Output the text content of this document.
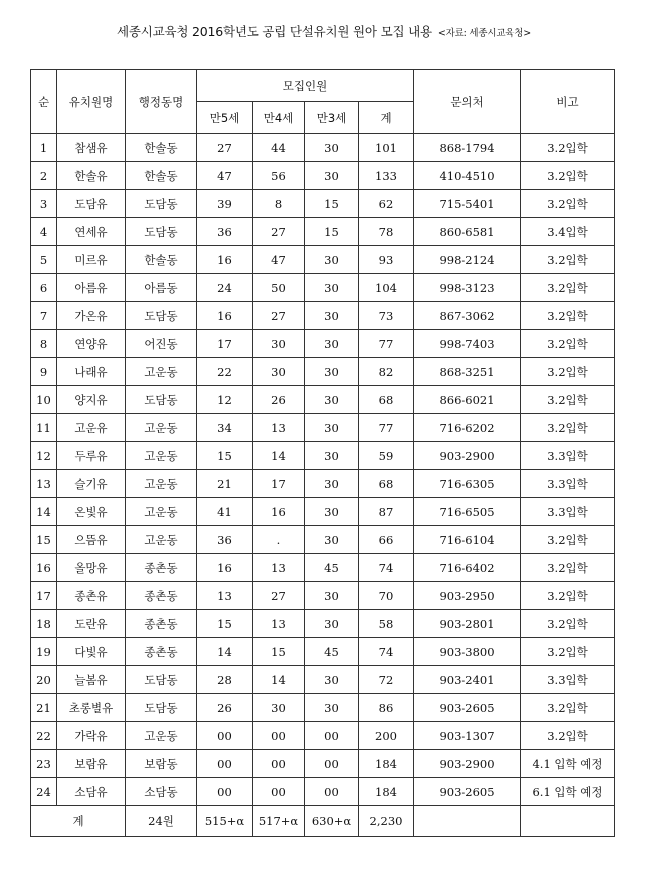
세종시교육청 2016학년도 공립 단설유치원 원아 모집 내용 <자료: 세종시교육청>
순	유치원명	행정동명	모집인원				문의처	비고
			만5세	만4세	만3세	계		
1	참샘유	한솔동	27	44	30	101	868-1794	3.2입학
2	한솔유	한솔동	47	56	30	133	410-4510	3.2입학
3	도담유	도담동	39	8	15	62	715-5401	3.2입학
4	연세유	도담동	36	27	15	78	860-6581	3.4입학
5	미르유	한솔동	16	47	30	93	998-2124	3.2입학
6	아름유	아름동	24	50	30	104	998-3123	3.2입학
7	가온유	도담동	16	27	30	73	867-3062	3.2입학
8	연양유	어진동	17	30	30	77	998-7403	3.2입학
9	나래유	고운동	22	30	30	82	868-3251	3.2입학
10	양지유	도담동	12	26	30	68	866-6021	3.2입학
11	고운유	고운동	34	13	30	77	716-6202	3.2입학
12	두루유	고운동	15	14	30	59	903-2900	3.3입학
13	슬기유	고운동	21	17	30	68	716-6305	3.3입학
14	온빛유	고운동	41	16	30	87	716-6505	3.3입학
15	으뜸유	고운동	36	.	30	66	716-6104	3.2입학
16	올망유	종촌동	16	13	45	74	716-6402	3.2입학
17	종촌유	종촌동	13	27	30	70	903-2950	3.2입학
18	도란유	종촌동	15	13	30	58	903-2801	3.2입학
19	다빛유	종촌동	14	15	45	74	903-3800	3.2입학
20	늘봄유	도담동	28	14	30	72	903-2401	3.3입학
21	초롱별유	도담동	26	30	30	86	903-2605	3.2입학
22	가락유	고운동	00	00	00	200	903-1307	3.2입학
23	보람유	보람동	00	00	00	184	903-2900	4.1 입학 예정
24	소담유	소담동	00	00	00	184	903-2605	6.1 입학 예정
계		24원	515+α	517+α	630+α	2,230		
